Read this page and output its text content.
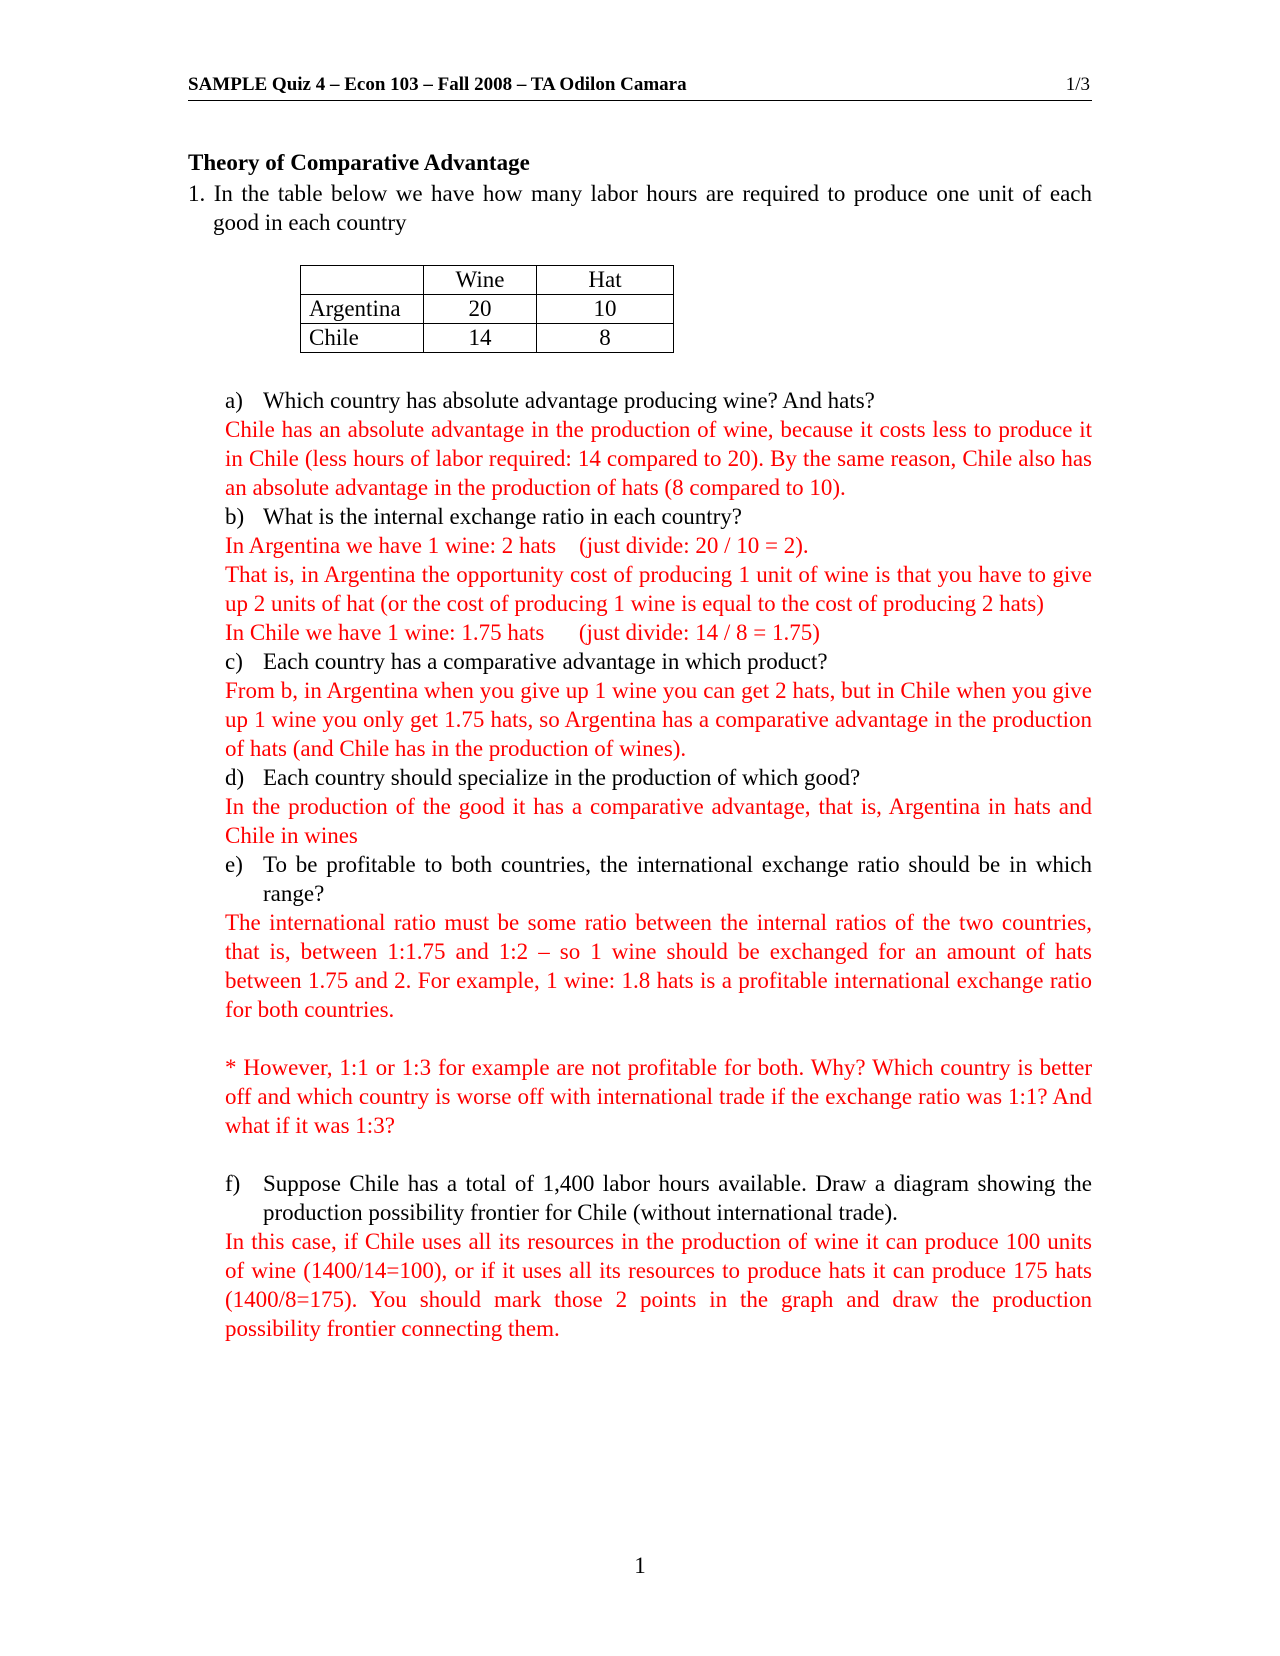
SAMPLE Quiz 4 – Econ 103 – Fall 2008 – TA Odilon Camara	1/3
Theory of Comparative Advantage
1. In the table below we have how many labor hours are required to produce one unit of each good in each country
	Wine	Hat
Argentina	20	10
Chile	14	8
a) Which country has absolute advantage producing wine? And hats?
Chile has an absolute advantage in the production of wine, because it costs less to produce it in Chile (less hours of labor required: 14 compared to 20). By the same reason, Chile also has an absolute advantage in the production of hats (8 compared to 10).
b) What is the internal exchange ratio in each country?
In Argentina we have 1 wine: 2 hats    (just divide: 20 / 10 = 2).
That is, in Argentina the opportunity cost of producing 1 unit of wine is that you have to give up 2 units of hat (or the cost of producing 1 wine is equal to the cost of producing 2 hats)
In Chile we have 1 wine: 1.75 hats      (just divide: 14 / 8 = 1.75)
c) Each country has a comparative advantage in which product?
From b, in Argentina when you give up 1 wine you can get 2 hats, but in Chile when you give up 1 wine you only get 1.75 hats, so Argentina has a comparative advantage in the production of hats (and Chile has in the production of wines).
d) Each country should specialize in the production of which good?
In the production of the good it has a comparative advantage, that is, Argentina in hats and Chile in wines
e) To be profitable to both countries, the international exchange ratio should be in which range?
The international ratio must be some ratio between the internal ratios of the two countries, that is, between 1:1.75 and 1:2 – so 1 wine should be exchanged for an amount of hats between 1.75 and 2. For example, 1 wine: 1.8 hats is a profitable international exchange ratio for both countries.
* However, 1:1 or 1:3 for example are not profitable for both. Why? Which country is better off and which country is worse off with international trade if the exchange ratio was 1:1? And what if it was 1:3?
f) Suppose Chile has a total of 1,400 labor hours available. Draw a diagram showing the production possibility frontier for Chile (without international trade).
In this case, if Chile uses all its resources in the production of wine it can produce 100 units of wine (1400/14=100), or if it uses all its resources to produce hats it can produce 175 hats (1400/8=175). You should mark those 2 points in the graph and draw the production possibility frontier connecting them.
1
